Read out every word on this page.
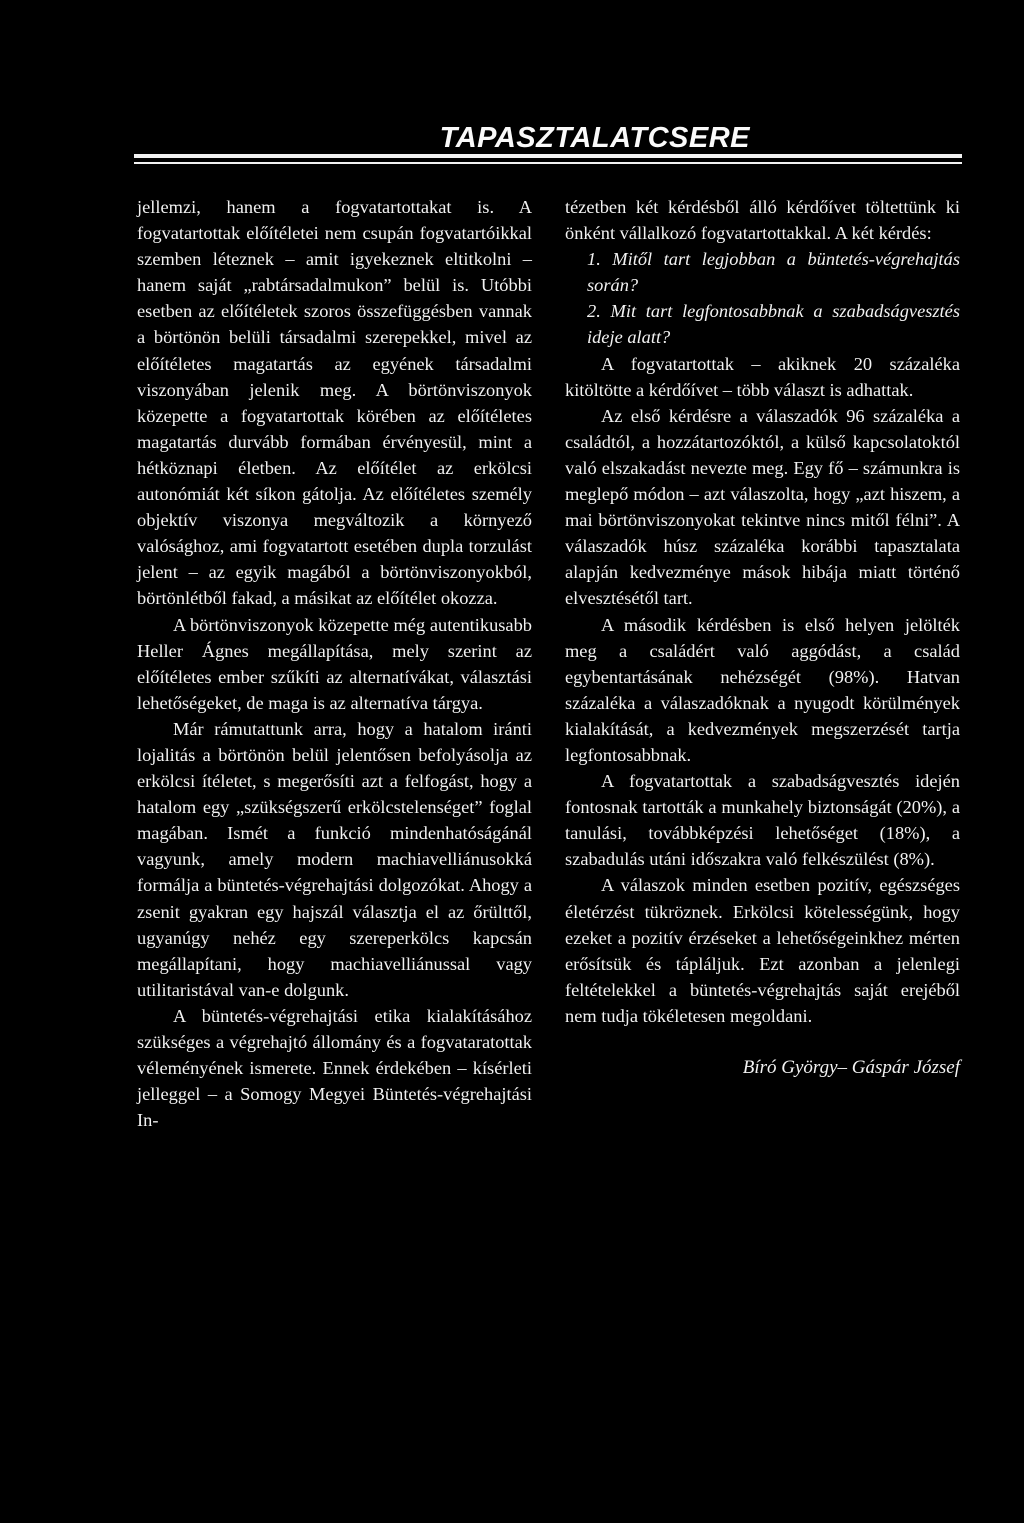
TAPASZTALATCSERE

jellemzi, hanem a fogvatartottakat is. A fogvatartottak előítéletei nem csupán fogvatartóikkal szemben léteznek – amit igyekeznek eltitkolni – hanem saját „rabtársadalmukon” belül is. Utóbbi esetben az előítéletek szoros összefüggésben vannak a börtönön belüli társadalmi szerepekkel, mivel az előítéletes magatartás az egyének társadalmi viszonyában jelenik meg. A börtönviszonyok közepette a fogvatartottak körében az előítéletes magatartás durvább formában érvényesül, mint a hétköznapi életben. Az előítélet az erkölcsi autonómiát két síkon gátolja. Az előítéletes személy objektív viszonya megváltozik a környező valósághoz, ami fogvatartott esetében dupla torzulást jelent – az egyik magából a börtönviszonyokból, börtönlétből fakad, a másikat az előítélet okozza.

A börtönviszonyok közepette még autentikusabb Heller Ágnes megállapítása, mely szerint az előítéletes ember szűkíti az alternatívákat, választási lehetőségeket, de maga is az alternatíva tárgya.

Már rámutattunk arra, hogy a hatalom iránti lojalitás a börtönön belül jelentősen befolyásolja az erkölcsi ítéletet, s megerősíti azt a felfogást, hogy a hatalom egy „szükségszerű erkölcstelenséget” foglal magában. Ismét a funkció mindenhatóságánál vagyunk, amely modern machiavelliánusokká formálja a büntetés-végrehajtási dolgozókat. Ahogy a zsenit gyakran egy hajszál választja el az őrülttől, ugyanúgy nehéz egy szereperkölcs kapcsán megállapítani, hogy machiavelliánussal vagy utilitaristával van-e dolgunk.

A büntetés-végrehajtási etika kialakításához szükséges a végrehajtó állomány és a fogvataratottak véleményének ismerete. Ennek érdekében – kísérleti jelleggel – a Somogy Megyei Büntetés-végrehajtási In-

tézetben két kérdésből álló kérdőívet töltettünk ki önként vállalkozó fogvatartottakkal. A két kérdés:

1. Mitől tart legjobban a büntetés-végrehajtás során?

2. Mit tart legfontosabbnak a szabadságvesztés ideje alatt?

A fogvatartottak – akiknek 20 százaléka kitöltötte a kérdőívet – több választ is adhattak.

Az első kérdésre a válaszadók 96 százaléka a családtól, a hozzátartozóktól, a külső kapcsolatoktól való elszakadást nevezte meg. Egy fő – számunkra is meglepő módon – azt válaszolta, hogy „azt hiszem, a mai börtönviszonyokat tekintve nincs mitől félni”. A válaszadók húsz százaléka korábbi tapasztalata alapján kedvezménye mások hibája miatt történő elvesztésétől tart.

A második kérdésben is első helyen jelölték meg a családért való aggódást, a család egybentartásának nehézségét (98%). Hatvan százaléka a válaszadóknak a nyugodt körülmények kialakítását, a kedvezmények megszerzését tartja legfontosabbnak.

A fogvatartottak a szabadságvesztés idején fontosnak tartották a munkahely biztonságát (20%), a tanulási, továbbképzési lehetőséget (18%), a szabadulás utáni időszakra való felkészülést (8%).

A válaszok minden esetben pozitív, egészséges életérzést tükröznek. Erkölcsi kötelességünk, hogy ezeket a pozitív érzéseket a lehetőségeinkhez mérten erősítsük és tápláljuk. Ezt azonban a jelenlegi feltételekkel a büntetés-végrehajtás saját erejéből nem tudja tökéletesen megoldani.

Bíró György– Gáspár József
